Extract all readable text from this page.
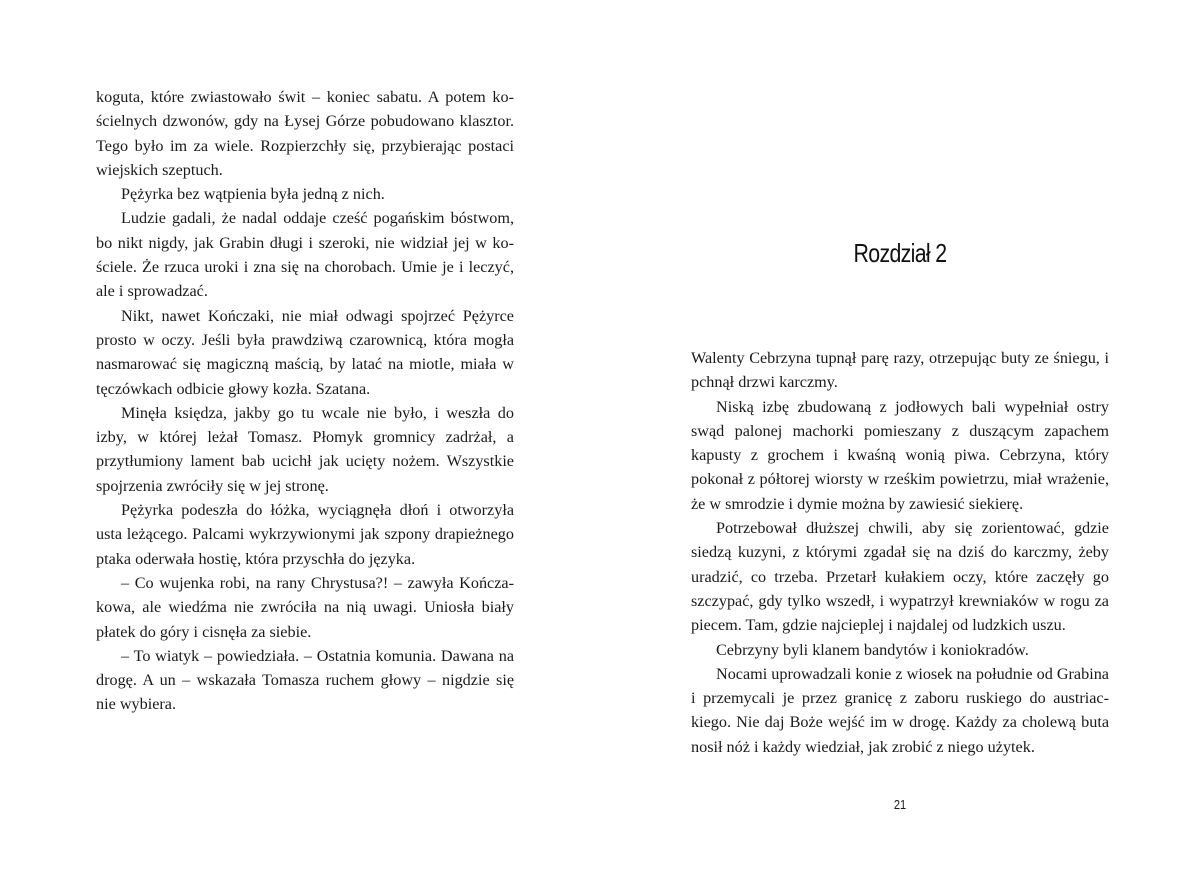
koguta, które zwiastowało świt – koniec sabatu. A potem kościelnych dzwonów, gdy na Łysej Górze pobudowano klasztor. Tego było im za wiele. Rozpierzchły się, przybierając postaci wiejskich szeptuch.

Pężyrka bez wątpienia była jedną z nich.

Ludzie gadali, że nadal oddaje cześć pogańskim bóstwom, bo nikt nigdy, jak Grabin długi i szeroki, nie widział jej w kościele. Że rzuca uroki i zna się na chorobach. Umie je i leczyć, ale i sprowadzać.

Nikt, nawet Kończaki, nie miał odwagi spojrzeć Pężyrce prosto w oczy. Jeśli była prawdziwą czarownicą, która mogła nasmarować się magiczną maścią, by latać na miotle, miała w tęczówkach odbicie głowy kozła. Szatana.

Minęła księdza, jakby go tu wcale nie było, i weszła do izby, w której leżał Tomasz. Płomyk gromnicy zadrżał, a przytłumiony lament bab ucichł jak ucięty nożem. Wszystkie spojrzenia zwróciły się w jej stronę.

Pężyrka podeszła do łóżka, wyciągnęła dłoń i otworzyła usta leżącego. Palcami wykrzywionymi jak szpony drapieżnego ptaka oderwała hostię, która przyschła do języka.

– Co wujenka robi, na rany Chrystusa?! – zawyła Kończakowa, ale wiedźma nie zwróciła na nią uwagi. Uniosła biały płatek do góry i cisnęła za siebie.

– To wiatyk – powiedziała. – Ostatnia komunia. Dawana na drogę. A un – wskazała Tomasza ruchem głowy – nigdzie się nie wybiera.

Rozdział 2

Walenty Cebrzyna tupnął parę razy, otrzepując buty ze śniegu, i pchnął drzwi karczmy.

Niską izbę zbudowaną z jodłowych bali wypełniał ostry swąd palonej machorki pomieszany z duszącym zapachem kapusty z grochem i kwaśną wonią piwa. Cebrzyna, który pokonał z półtorej wiorsty w rześkim powietrzu, miał wrażenie, że w smrodzie i dymie można by zawiesić siekierę.

Potrzebował dłuższej chwili, aby się zorientować, gdzie siedzą kuzyni, z którymi zgadał się na dziś do karczmy, żeby uradzić, co trzeba. Przetarł kułakiem oczy, które zaczęły go szczypać, gdy tylko wszedł, i wypatrzył krewniaków w rogu za piecem. Tam, gdzie najcieplej i najdalej od ludzkich uszu.

Cebrzyny byli klanem bandytów i koniokradów.

Nocami uprowadzali konie z wiosek na południe od Grabina i przemycali je przez granicę z zaboru ruskiego do austriackiego. Nie daj Boże wejść im w drogę. Każdy za cholewą buta nosił nóż i każdy wiedział, jak zrobić z niego użytek.

21
